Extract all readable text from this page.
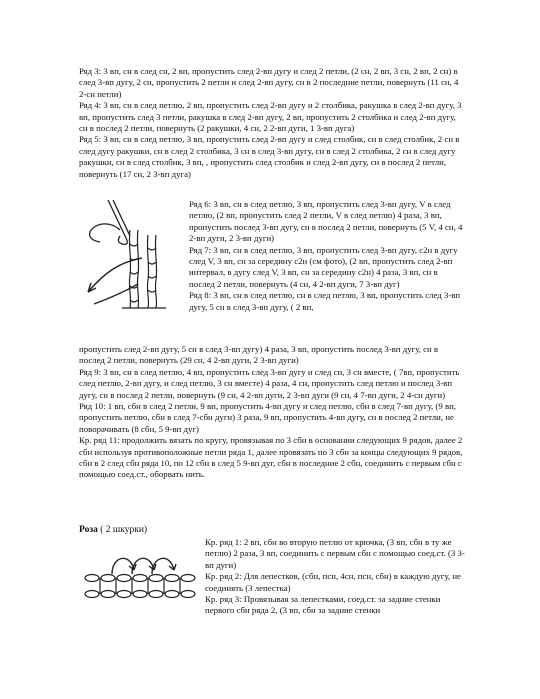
Ряд 3: 3 вп, сн в след сн, 2 вп, пропустить след 2-вп дугу и след 2 петли, (2 сн, 2 вп, 3 сн, 2 вп, 2 сн) в след 3-вп дугу, 2 сн, пропустить 2 петли и след 2-вп дугу, сн в 2 последние петли, повернуть (11 сн, 4 2-сн петли)

Ряд 4: 3 вп, сн в след петлю, 2 вп, пропустить след 2-вп дугу и 2 столбика, ракушка в след 2-вп дугу, 3 вп, пропустить след 3 петли, ракушка в след 2-вп дугу, 2 вп, пропустить 2 столбика и след 2-вп дугу, сн в послед 2 петли, повернуть (2 ракушки, 4 сн, 2 2-вп дуги, 1 3-вп дуга)

Ряд 5: 3 вп, сн в след петлю, 3 вп, пропустить след 2-вп дугу и след столбик, сн в след столбик, 2 сн в след дугу ракушки, сн в след 2 столбика, 3 сн в след 3-вп дугу, сн в след 2 столбика, 2 сн в след дугу ракушки, сн в след столбик, 3 вп, , пропустить след столбик и след 2-вп дугу, сн в послед 2 петли, повернуть (17 сн, 2 3-вп дуга)

Ряд 6: 3 вп, сн в след петлю, 3 вп, пропустить след 3-вп дугу, V в след петлю, (2 вп, пропустить след 2 петли, V в след петлю) 4 раза, 3 вп, пропустить послед 3-вп дугу, сн в послед 2 петли, повернуть (5 V, 4 сн, 4 2-вп дуги, 2 3-вп дуги)

Ряд 7: 3 вп, сн в след петлю, 3 вп, пропустить след 3-вп дугу, с2н в дугу след V, 3 вп, сн за середину с2н (см фото), (2 вп, пропустить след 2-вп интервал, в дугу след V, 3 вп, сн за середину с2н) 4 раза, 3 вп, сн в послед 2 петли, повернуть (4 сн, 4 2-вп дуги, 7 3-вп дуг)

Ряд 8: 3 вп, сн в след петлю, сн в след петлю, 3 вп, пропустить след 3-вп дугу, 5 сн в след 3-вп дугу, ( 2 вп,

пропустить след 2-вп дугу, 5 сн в след 3-вп дугу) 4 раза, 3 вп, пропустить послед 3-вп дугу, сн в послед 2 петли, повернуть (29 сн, 4 2-вп дуги, 2 3-вп дуги)

Ряд 9: 3 вп, сн в след петлю, 4 вп, пропустить след 3-вп дугу и след сн, 3 сн вместе, ( 7вп, пропустить след петлю, 2-вп дугу, и след петлю, 3 сн вместе) 4 раза, 4 сн, пропустить след петлю и послед 3-вп дугу, сн в послед 2 петли, повернуть (9 сн, 4 2-вп дуги, 2 3-вп дуги (9 сн, 4 7-вп дуги, 2 4-сн дуги)

Ряд 10: 1 вп, сбн в след 2 петли, 9 вп, пропустить 4-вп дугу и след петлю, сбн в след 7-вп дугу, (9 вп, пропустить петлю, сбн в след 7-сбн дуги) 3 раза, 9 вп, пропустить 4-вп дугу, сн в послед 2 петли, не поворачивать (8 сбн, 5 9-вп дуг)

Кр. ряд 11: продолжить вязать по кругу, провязывая по 3 сбн в основании следующих 9 рядов, далее 2 сбн используя противоположные петли ряда 1, далее провязать по 3 сбн за концы следующих 9 рядов, сбн в 2 след сбн ряда 10, по 12 сбн в след 5 9-вп дуг, сбн в последние 2 сбн, соединить с первым сбн с помощью соед.ст., оборвать нить.

Роза ( 2 шкурки)

Кр. ряд 1: 2 вп, сбн во вторую петлю от крючка, (3 вп, сбн в ту же петлю) 2 раза, 3 вп, соединить с первым сбн с помощью соед.ст. (3 3-вп дуги)

Кр. ряд 2: Для лепестков, (сбн, псн, 4сн, псн, сбн) в каждую дугу, не соединять (3 лепестка)

Кр. ряд 3: Провязывая за лепестками, соед.ст. за задние стенки первого сбн ряда 2, (3 вп, сбн за задние стенки
